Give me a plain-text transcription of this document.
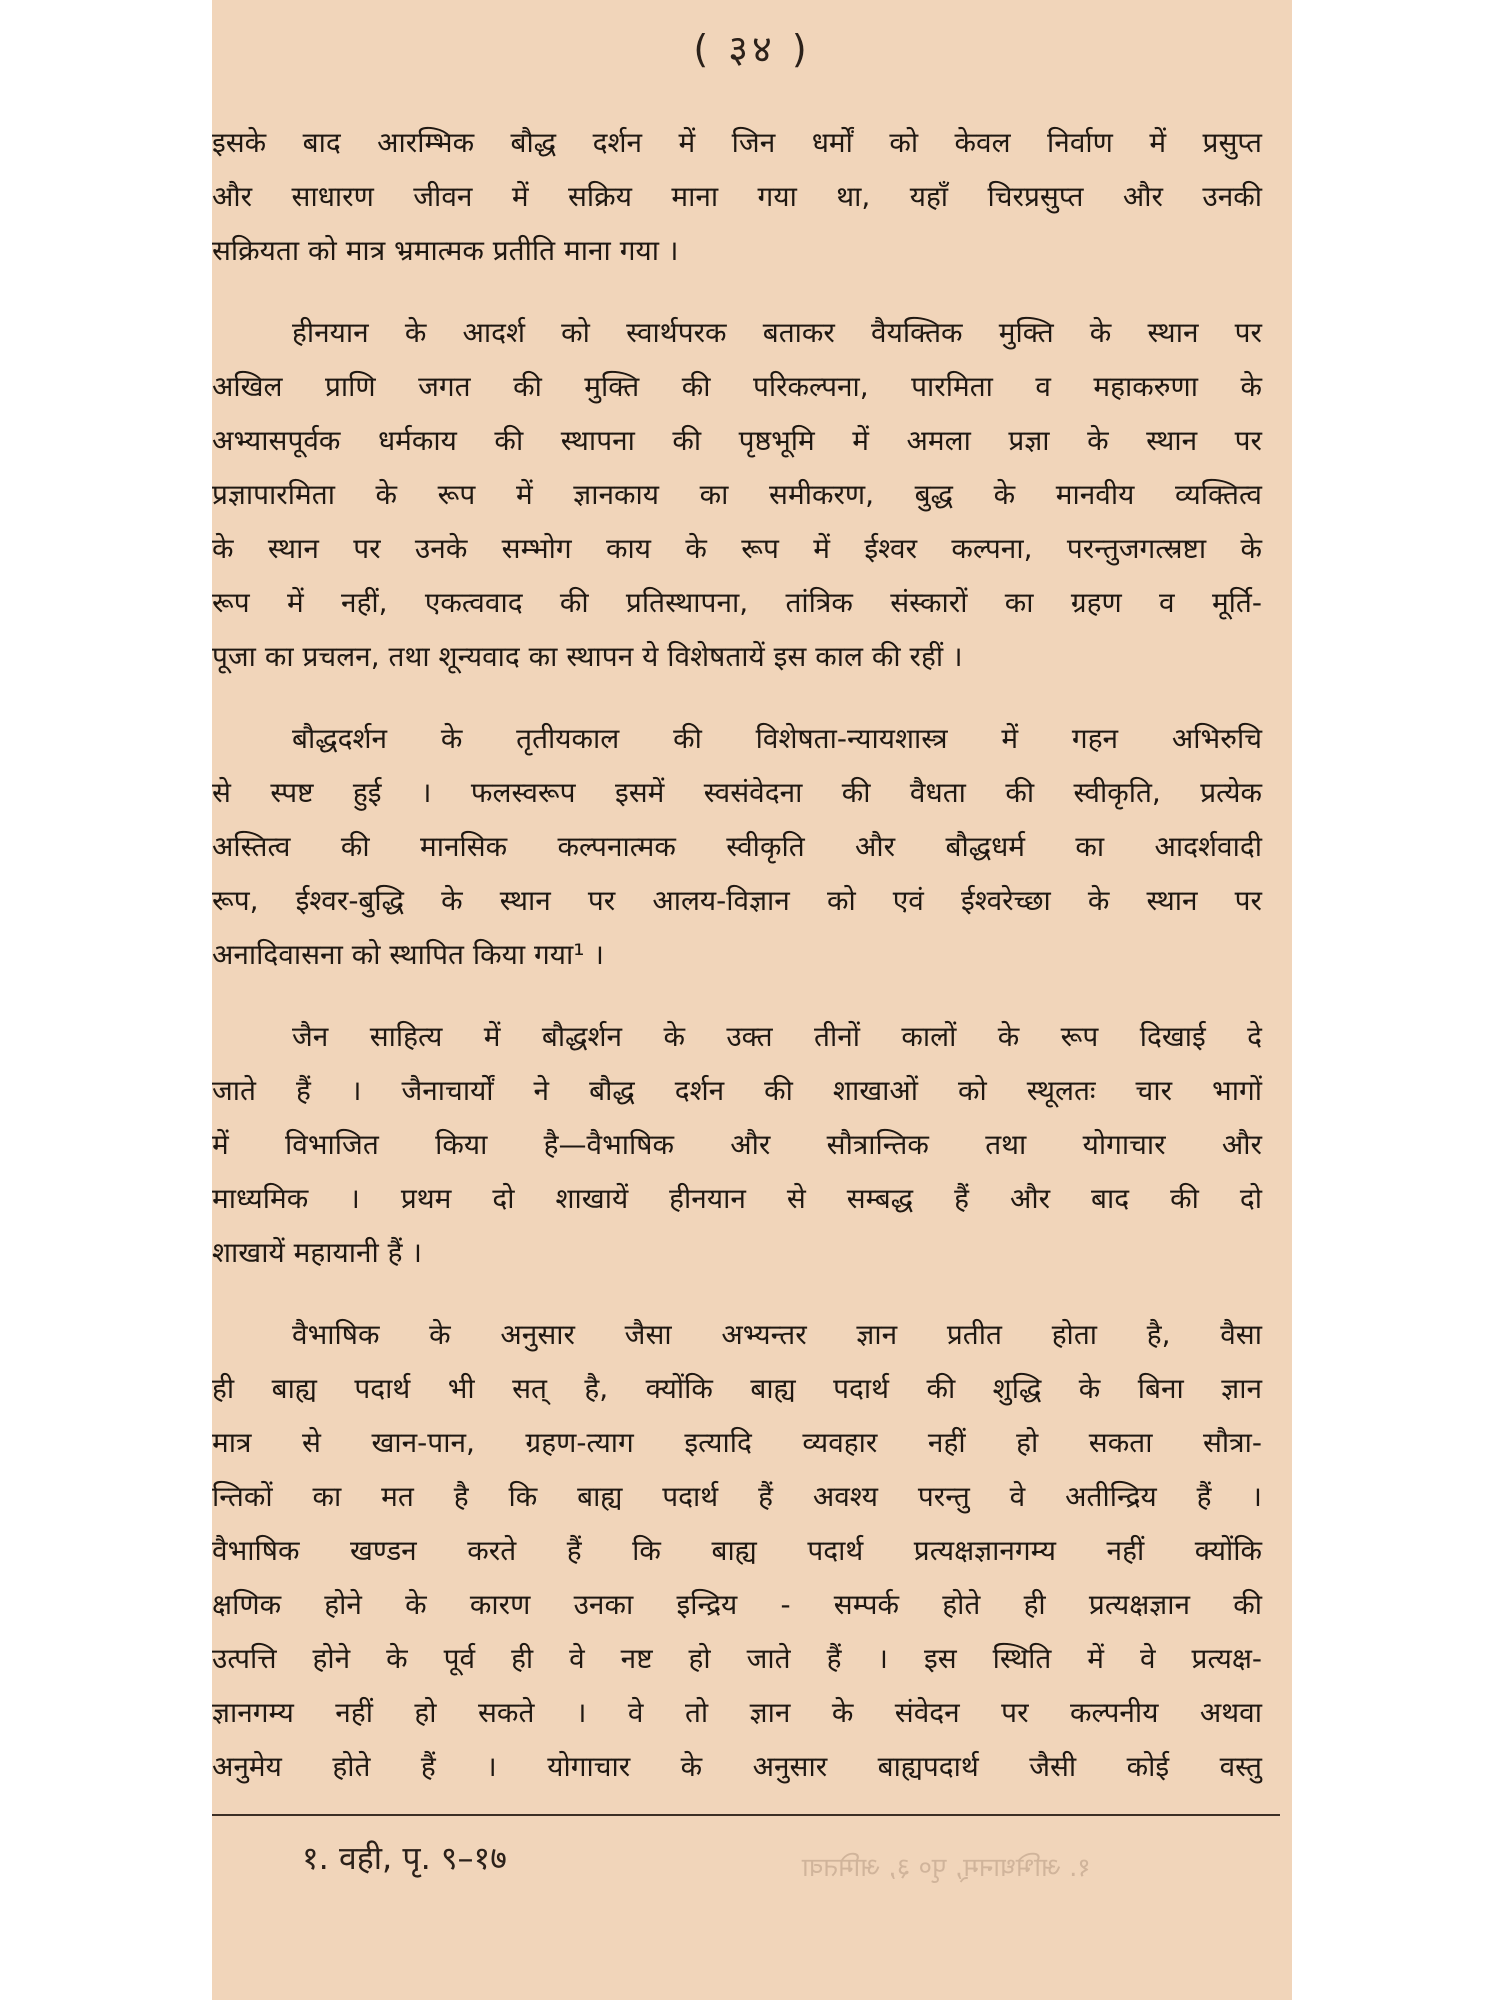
( ३४ )
इसके बाद आरम्भिक बौद्ध दर्शन में जिन धर्मों को केवल निर्वाण में प्रसुप्त
और साधारण जीवन में सक्रिय माना गया था, यहाँ चिरप्रसुप्त और उनकी
सक्रियता को मात्र भ्रमात्मक प्रतीति माना गया ।
हीनयान के आदर्श को स्वार्थपरक बताकर वैयक्तिक मुक्ति के स्थान पर
अखिल प्राणि जगत की मुक्ति की परिकल्पना, पारमिता व महाकरुणा के
अभ्यासपूर्वक धर्मकाय की स्थापना की पृष्ठभूमि में अमला प्रज्ञा के स्थान पर
प्रज्ञापारमिता के रूप में ज्ञानकाय का समीकरण, बुद्ध के मानवीय व्यक्तित्व
के स्थान पर उनके सम्भोग काय के रूप में ईश्वर कल्पना, परन्तुजगत्स्रष्टा के
रूप में नहीं, एकत्ववाद की प्रतिस्थापना, तांत्रिक संस्कारों का ग्रहण व मूर्ति-
पूजा का प्रचलन, तथा शून्यवाद का स्थापन ये विशेषतायें इस काल की रहीं ।
बौद्धदर्शन के तृतीयकाल की विशेषता-न्यायशास्त्र में गहन अभिरुचि
से स्पष्ट हुई । फलस्वरूप इसमें स्वसंवेदना की वैधता की स्वीकृति, प्रत्येक
अस्तित्व की मानसिक कल्पनात्मक स्वीकृति और बौद्धधर्म का आदर्शवादी
रूप, ईश्वर-बुद्धि के स्थान पर आलय-विज्ञान को एवं ईश्वरेच्छा के स्थान पर
अनादिवासना को स्थापित किया गया¹ ।
जैन साहित्य में बौद्धर्शन के उक्त तीनों कालों के रूप दिखाई दे
जाते हैं । जैनाचार्यों ने बौद्ध दर्शन की शाखाओं को स्थूलतः चार भागों
में विभाजित किया है—वैभाषिक और सौत्रान्तिक तथा योगाचार और
माध्यमिक । प्रथम दो शाखायें हीनयान से सम्बद्ध हैं और बाद की दो
शाखायें महायानी हैं ।
वैभाषिक के अनुसार जैसा अभ्यन्तर ज्ञान प्रतीत होता है, वैसा
ही बाह्य पदार्थ भी सत् है, क्योंकि बाह्य पदार्थ की शुद्धि के बिना ज्ञान
मात्र से खान-पान, ग्रहण-त्याग इत्यादि व्यवहार नहीं हो सकता सौत्रा-
न्तिकों का मत है कि बाह्य पदार्थ हैं अवश्य परन्तु वे अतीन्द्रिय हैं ।
वैभाषिक खण्डन करते हैं कि बाह्य पदार्थ प्रत्यक्षज्ञानगम्य नहीं क्योंकि
क्षणिक होने के कारण उनका इन्द्रिय - सम्पर्क होते ही प्रत्यक्षज्ञान की
उत्पत्ति होने के पूर्व ही वे नष्ट हो जाते हैं । इस स्थिति में वे प्रत्यक्ष-
ज्ञानगम्य नहीं हो सकते । वे तो ज्ञान के संवेदन पर कल्पनीय अथवा
अनुमेय होते हैं । योगाचार के अनुसार बाह्यपदार्थ जैसी कोई वस्तु
१. वही, पृ. ९–१७	१. अभिधानम्, पृ० ३, अमितवा
